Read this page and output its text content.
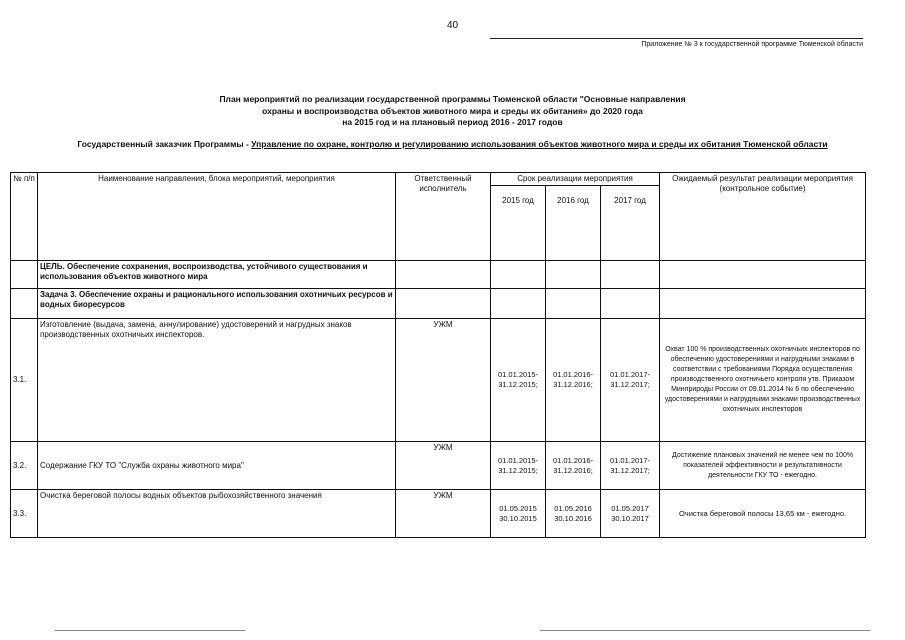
40
Приложение № 3 к государственной программе Тюменской области
План мероприятий по реализации государственной программы Тюменской области "Основные направления
охраны и воспроизводства объектов животного мира и среды их обитания» до 2020 года
на 2015 год и на плановый период 2016 - 2017 годов
Государственный заказчик Программы - Управление по охране, контролю и регулированию использования объектов животного мира и среды их обитания Тюменской области
№ п/п	Наименование направления, блока мероприятий, мероприятия	Ответственный исполнитель	Срок реализации мероприятия			Ожидаемый результат реализации мероприятия (контрольное событие)
			2015 год	2016 год	2017 год	
	ЦЕЛЬ. Обеспечение сохранения, воспроизводства, устойчивого существования и использования объектов животного мира					
	Задача 3. Обеспечение охраны и рационального использования охотничьих ресурсов и водных биоресурсов					
3.1.	Изготовление (выдача, замена, аннулирование) удостоверений и нагрудных знаков производственных охотничьих инспекторов.	УЖМ	01.01.2015-31.12.2015;	01.01.2016-31.12.2016;	01.01.2017-31.12.2017;	Охват 100 % производственных охотничьих инспекторов по обеспечению удостоверениями и нагрудными знаками в соответствии с требованиями Порядка осуществления производственного охотничьего контроля утв. Приказом Минприроды России от 09.01.2014 № 6 по обеспечению удостоверениями и нагрудными знаками производственных охотничьих инспекторов
3.2.	Содержание ГКУ ТО "Служба охраны животного мира"	УЖМ	01.01.2015-31.12.2015;	01.01.2016-31.12.2016;	01.01.2017-31.12.2017;	Достижение плановых значений не менее чем по 100% показателей эффективности и результативности деятельности ГКУ ТО - ежегодно.
3.3.	Очистка береговой полосы водных объектов рыбохозяйственного значения	УЖМ	01.05.2015 30.10.2015	01.05.2016 30.10.2016	01.05.2017 30.10.2017	Очистка береговой полосы 13,65 км - ежегодно.
